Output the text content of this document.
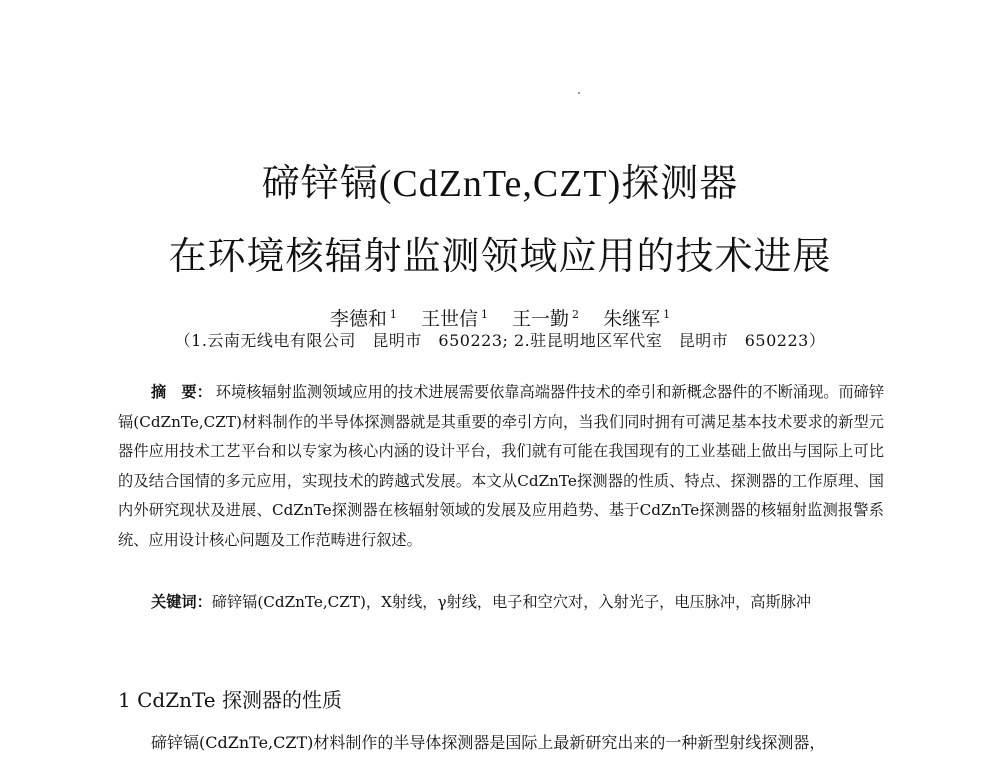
碲锌镉(CdZnTe,CZT)探测器
在环境核辐射监测领域应用的技术进展
李德和 $^1$ 王世信 $^1$ 王一勤 $^2$ 朱继军 $^1$
（1.云南无线电有限公司　昆明市　650223; 2.驻昆明地区军代室　昆明市　650223）
摘　要： 环境核辐射监测领域应用的技术进展需要依靠高端器件技术的牵引和新概念器件的不断涌现。而碲锌镉(CdZnTe,CZT)材料制作的半导体探测器就是其重要的牵引方向，当我们同时拥有可满足基本技术要求的新型元器件应用技术工艺平台和以专家为核心内涵的设计平台，我们就有可能在我国现有的工业基础上做出与国际上可比的及结合国情的多元应用，实现技术的跨越式发展。本文从CdZnTe探测器的性质、特点、探测器的工作原理、国内外研究现状及进展、CdZnTe探测器在核辐射领域的发展及应用趋势、基于CdZnTe探测器的核辐射监测报警系统、应用设计核心问题及工作范畴进行叙述。
关键词：碲锌镉(CdZnTe,CZT)，X射线，γ射线，电子和空穴对，入射光子，电压脉冲，高斯脉冲
1 CdZnTe 探测器的性质
碲锌镉(CdZnTe,CZT)材料制作的半导体探测器是国际上最新研究出来的一种新型射线探测器，
